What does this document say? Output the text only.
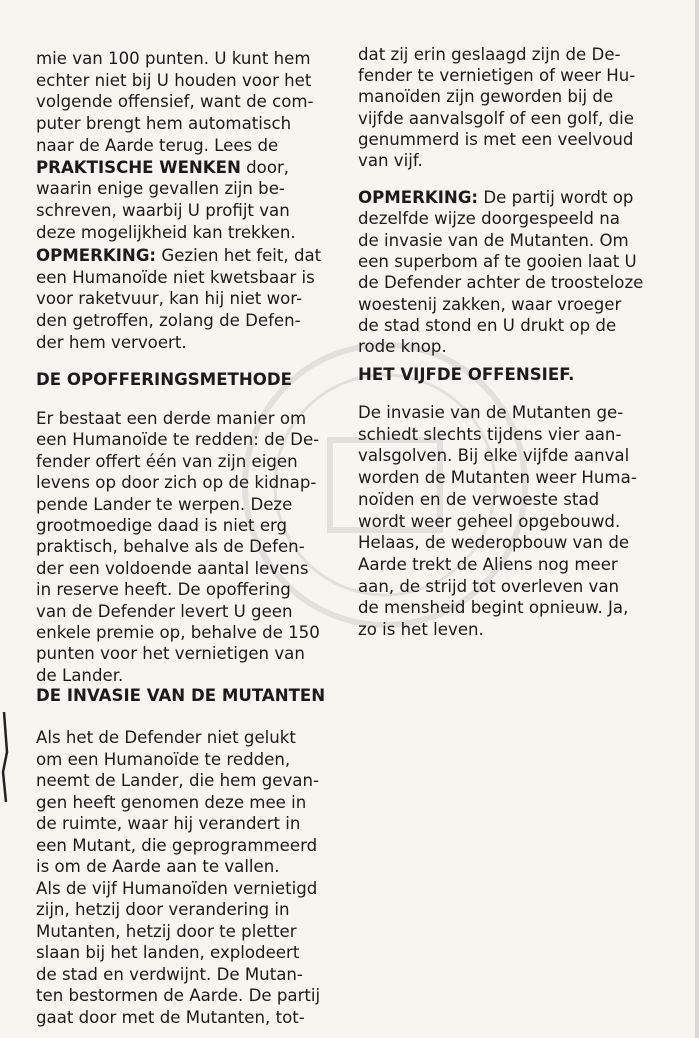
mie van 100 punten. U kunt hem
echter niet bij U houden voor het
volgende offensief, want de com-
puter brengt hem automatisch
naar de Aarde terug. Lees de
PRAKTISCHE WENKEN door,
waarin enige gevallen zijn be-
schreven, waarbij U profijt van
deze mogelijkheid kan trekken.
OPMERKING: Gezien het feit, dat
een Humanoïde niet kwetsbaar is
voor raketvuur, kan hij niet wor-
den getroffen, zolang de Defen-
der hem vervoert.
DE OPOFFERINGSMETHODE
Er bestaat een derde manier om
een Humanoïde te redden: de De-
fender offert één van zijn eigen
levens op door zich op de kidnap-
pende Lander te werpen. Deze
grootmoedige daad is niet erg
praktisch, behalve als de Defen-
der een voldoende aantal levens
in reserve heeft. De opoffering
van de Defender levert U geen
enkele premie op, behalve de 150
punten voor het vernietigen van
de Lander.
DE INVASIE VAN DE MUTANTEN
Als het de Defender niet gelukt
om een Humanoïde te redden,
neemt de Lander, die hem gevan-
gen heeft genomen deze mee in
de ruimte, waar hij verandert in
een Mutant, die geprogrammeerd
is om de Aarde aan te vallen.
Als de vijf Humanoïden vernietigd
zijn, hetzij door verandering in
Mutanten, hetzij door te pletter
slaan bij het landen, explodeert
de stad en verdwijnt. De Mutan-
ten bestormen de Aarde. De partij
gaat door met de Mutanten, tot-
dat zij erin geslaagd zijn de De-
fender te vernietigen of weer Hu-
manoïden zijn geworden bij de
vijfde aanvalsgolf of een golf, die
genummerd is met een veelvoud
van vijf.
OPMERKING: De partij wordt op
dezelfde wijze doorgespeeld na
de invasie van de Mutanten. Om
een superbom af te gooien laat U
de Defender achter de troosteloze
woestenij zakken, waar vroeger
de stad stond en U drukt op de
rode knop.
HET VIJFDE OFFENSIEF.
De invasie van de Mutanten ge-
schiedt slechts tijdens vier aan-
valsgolven. Bij elke vijfde aanval
worden de Mutanten weer Huma-
noïden en de verwoeste stad
wordt weer geheel opgebouwd.
Helaas, de wederopbouw van de
Aarde trekt de Aliens nog meer
aan, de strijd tot overleven van
de mensheid begint opnieuw. Ja,
zo is het leven.
